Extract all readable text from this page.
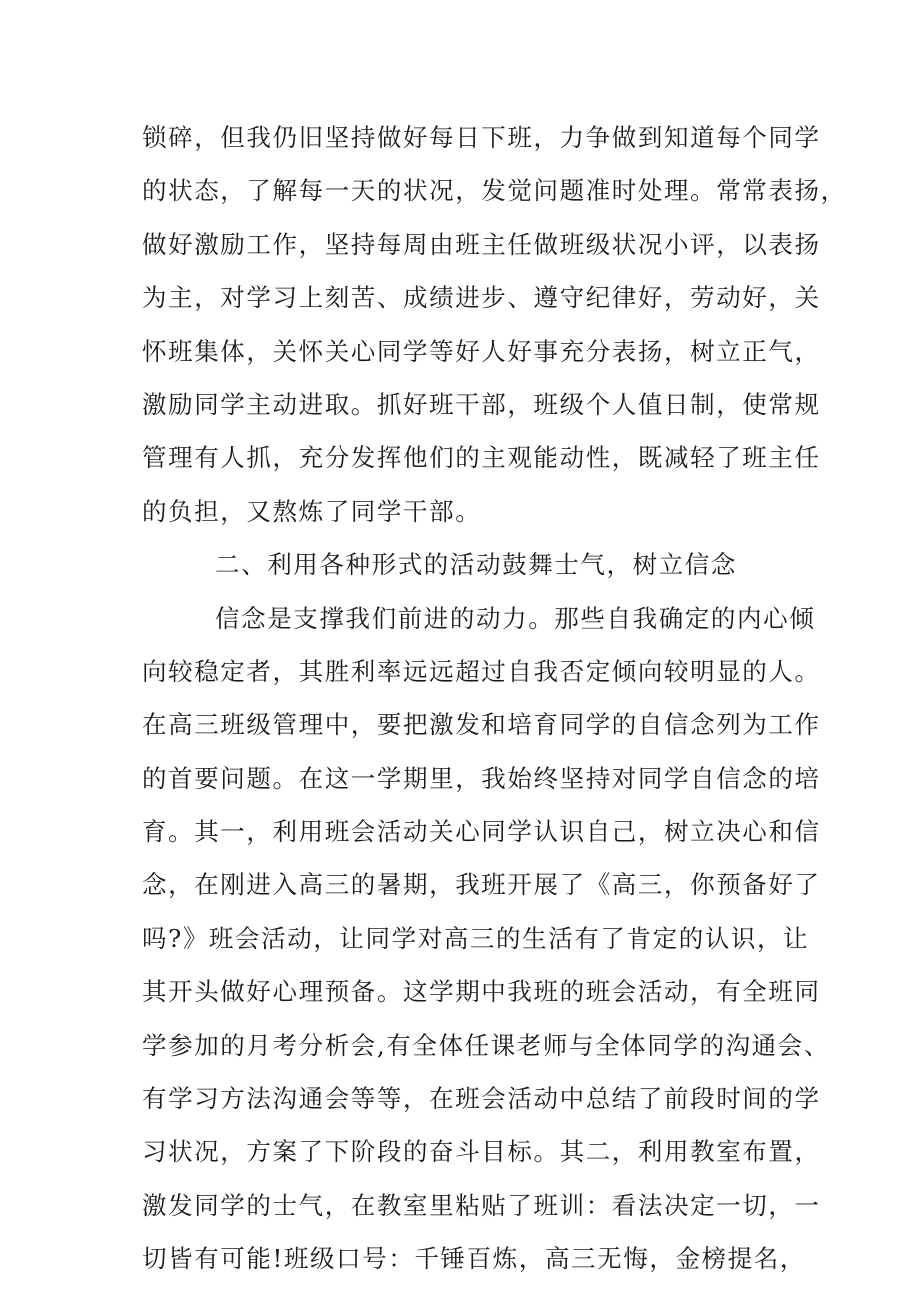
锁碎，但我仍旧坚持做好每日下班，力争做到知道每个同学
的状态，了解每一天的状况，发觉问题准时处理。常常表扬，
做好激励工作，坚持每周由班主任做班级状况小评，以表扬
为主，对学习上刻苦、成绩进步、遵守纪律好，劳动好，关
怀班集体，关怀关心同学等好人好事充分表扬，树立正气，
激励同学主动进取。抓好班干部，班级个人值日制，使常规
管理有人抓，充分发挥他们的主观能动性，既减轻了班主任
的负担，又熬炼了同学干部。
二、利用各种形式的活动鼓舞士气，树立信念
信念是支撑我们前进的动力。那些自我确定的内心倾
向较稳定者，其胜利率远远超过自我否定倾向较明显的人。
在高三班级管理中，要把激发和培育同学的自信念列为工作
的首要问题。在这一学期里，我始终坚持对同学自信念的培
育。其一，利用班会活动关心同学认识自己，树立决心和信
念，在刚进入高三的暑期，我班开展了《高三，你预备好了
吗?》班会活动，让同学对高三的生活有了肯定的认识，让
其开头做好心理预备。这学期中我班的班会活动，有全班同
学参加的月考分析会,有全体任课老师与全体同学的沟通会、
有学习方法沟通会等等，在班会活动中总结了前段时间的学
习状况，方案了下阶段的奋斗目标。其二，利用教室布置，
激发同学的士气，在教室里粘贴了班训：看法决定一切，一
切皆有可能!班级口号：千锤百炼，高三无悔，金榜提名，
